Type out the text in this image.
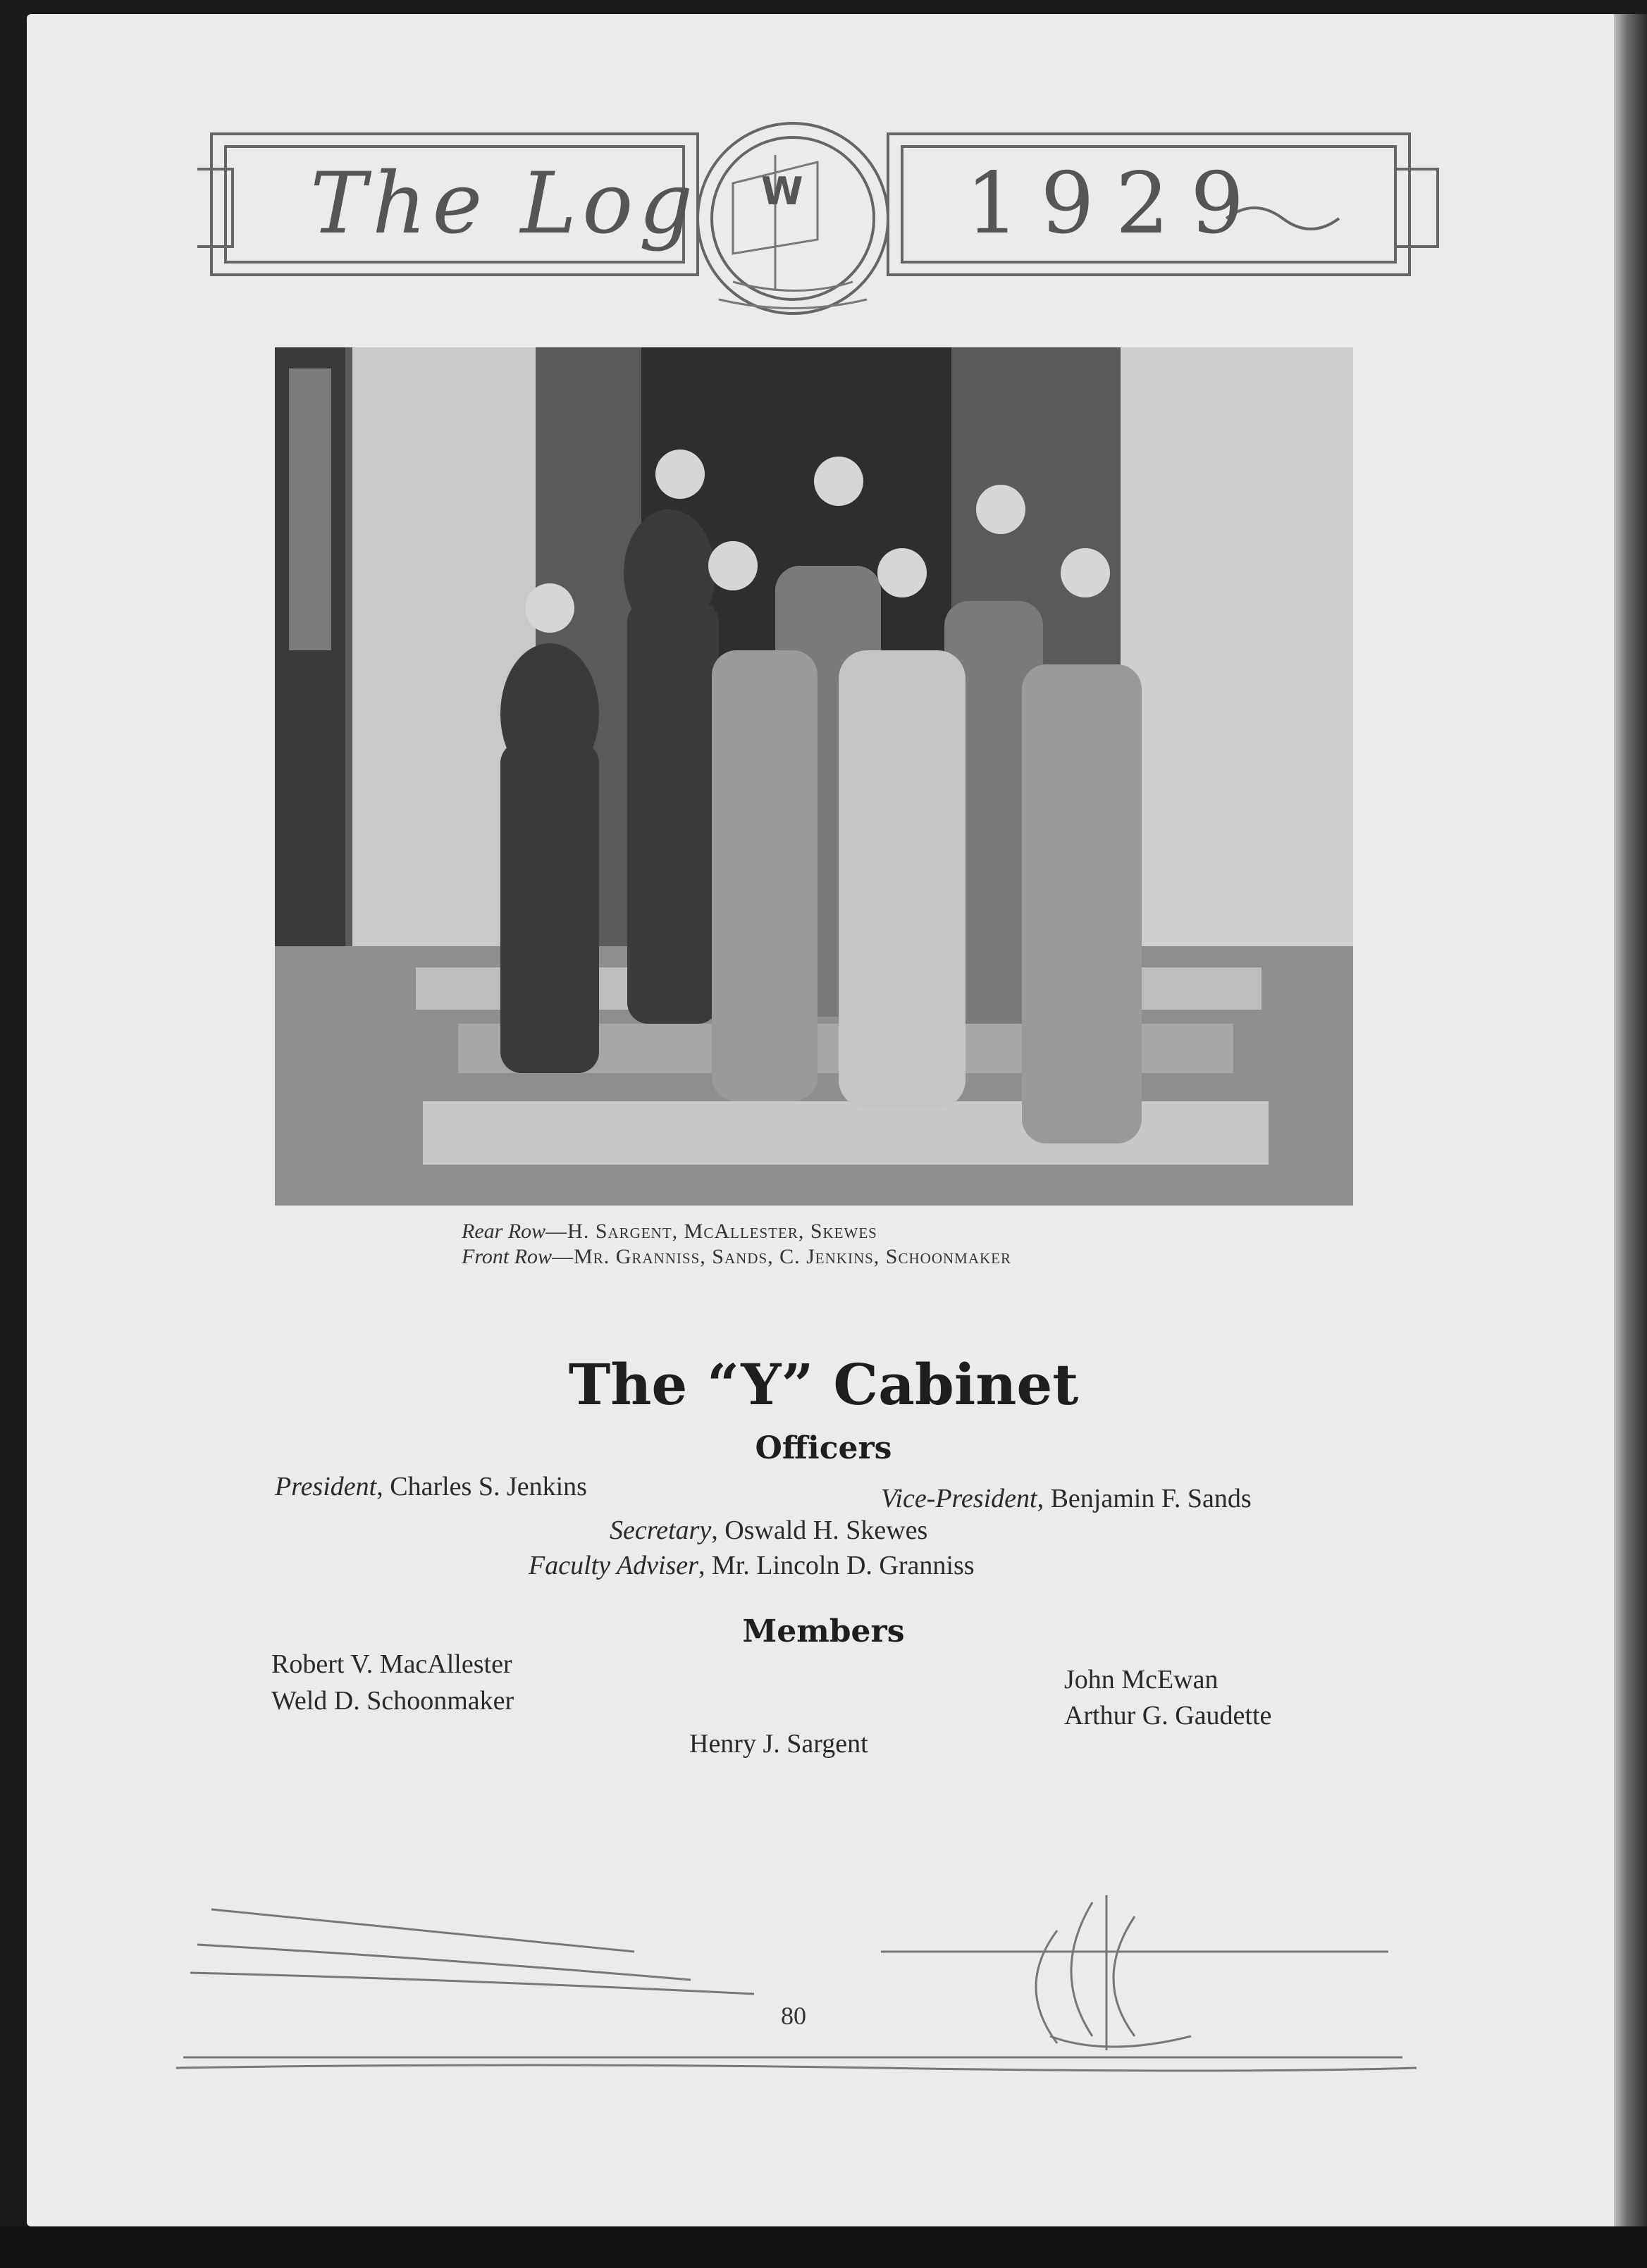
The Log	1929
W
Rear Row—H. Sargent, McAllester, Skewes
Front Row—Mr. Granniss, Sands, C. Jenkins, Schoonmaker
The “Y” Cabinet
Officers
President, Charles S. Jenkins	Vice-President, Benjamin F. Sands
Secretary, Oswald H. Skewes
Faculty Adviser, Mr. Lincoln D. Granniss
Members
Robert V. MacAllester
Weld D. Schoonmaker
John McEwan
Arthur G. Gaudette
Henry J. Sargent
80
